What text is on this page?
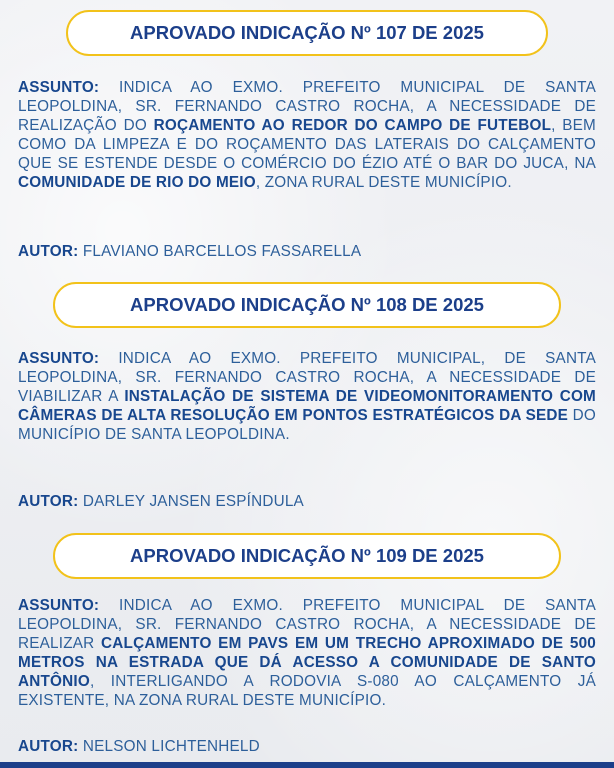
APROVADO INDICAÇÃO Nº 107 DE 2025
ASSUNTO: INDICA AO EXMO. PREFEITO MUNICIPAL DE SANTA LEOPOLDINA, SR. FERNANDO CASTRO ROCHA, A NECESSIDADE DE REALIZAÇÃO DO ROÇAMENTO AO REDOR DO CAMPO DE FUTEBOL, BEM COMO DA LIMPEZA E DO ROÇAMENTO DAS LATERAIS DO CALÇAMENTO QUE SE ESTENDE DESDE O COMÉRCIO DO ÉZIO ATÉ O BAR DO JUCA, NA COMUNIDADE DE RIO DO MEIO, ZONA RURAL DESTE MUNICÍPIO.
AUTOR: FLAVIANO BARCELLOS FASSARELLA
APROVADO INDICAÇÃO Nº 108 DE 2025
ASSUNTO: INDICA AO EXMO. PREFEITO MUNICIPAL, DE SANTA LEOPOLDINA, SR. FERNANDO CASTRO ROCHA, A NECESSIDADE DE VIABILIZAR A INSTALAÇÃO DE SISTEMA DE VIDEOMONITORAMENTO COM CÂMERAS DE ALTA RESOLUÇÃO EM PONTOS ESTRATÉGICOS DA SEDE DO MUNICÍPIO DE SANTA LEOPOLDINA.
AUTOR: DARLEY JANSEN ESPÍNDULA
APROVADO INDICAÇÃO Nº 109 DE 2025
ASSUNTO: INDICA AO EXMO. PREFEITO MUNICIPAL DE SANTA LEOPOLDINA, SR. FERNANDO CASTRO ROCHA, A NECESSIDADE DE REALIZAR CALÇAMENTO EM PAVS EM UM TRECHO APROXIMADO DE 500 METROS NA ESTRADA QUE DÁ ACESSO A COMUNIDADE DE SANTO ANTÔNIO, INTERLIGANDO A RODOVIA S-080 AO CALÇAMENTO JÁ EXISTENTE, NA ZONA RURAL DESTE MUNICÍPIO.
AUTOR: NELSON LICHTENHELD
